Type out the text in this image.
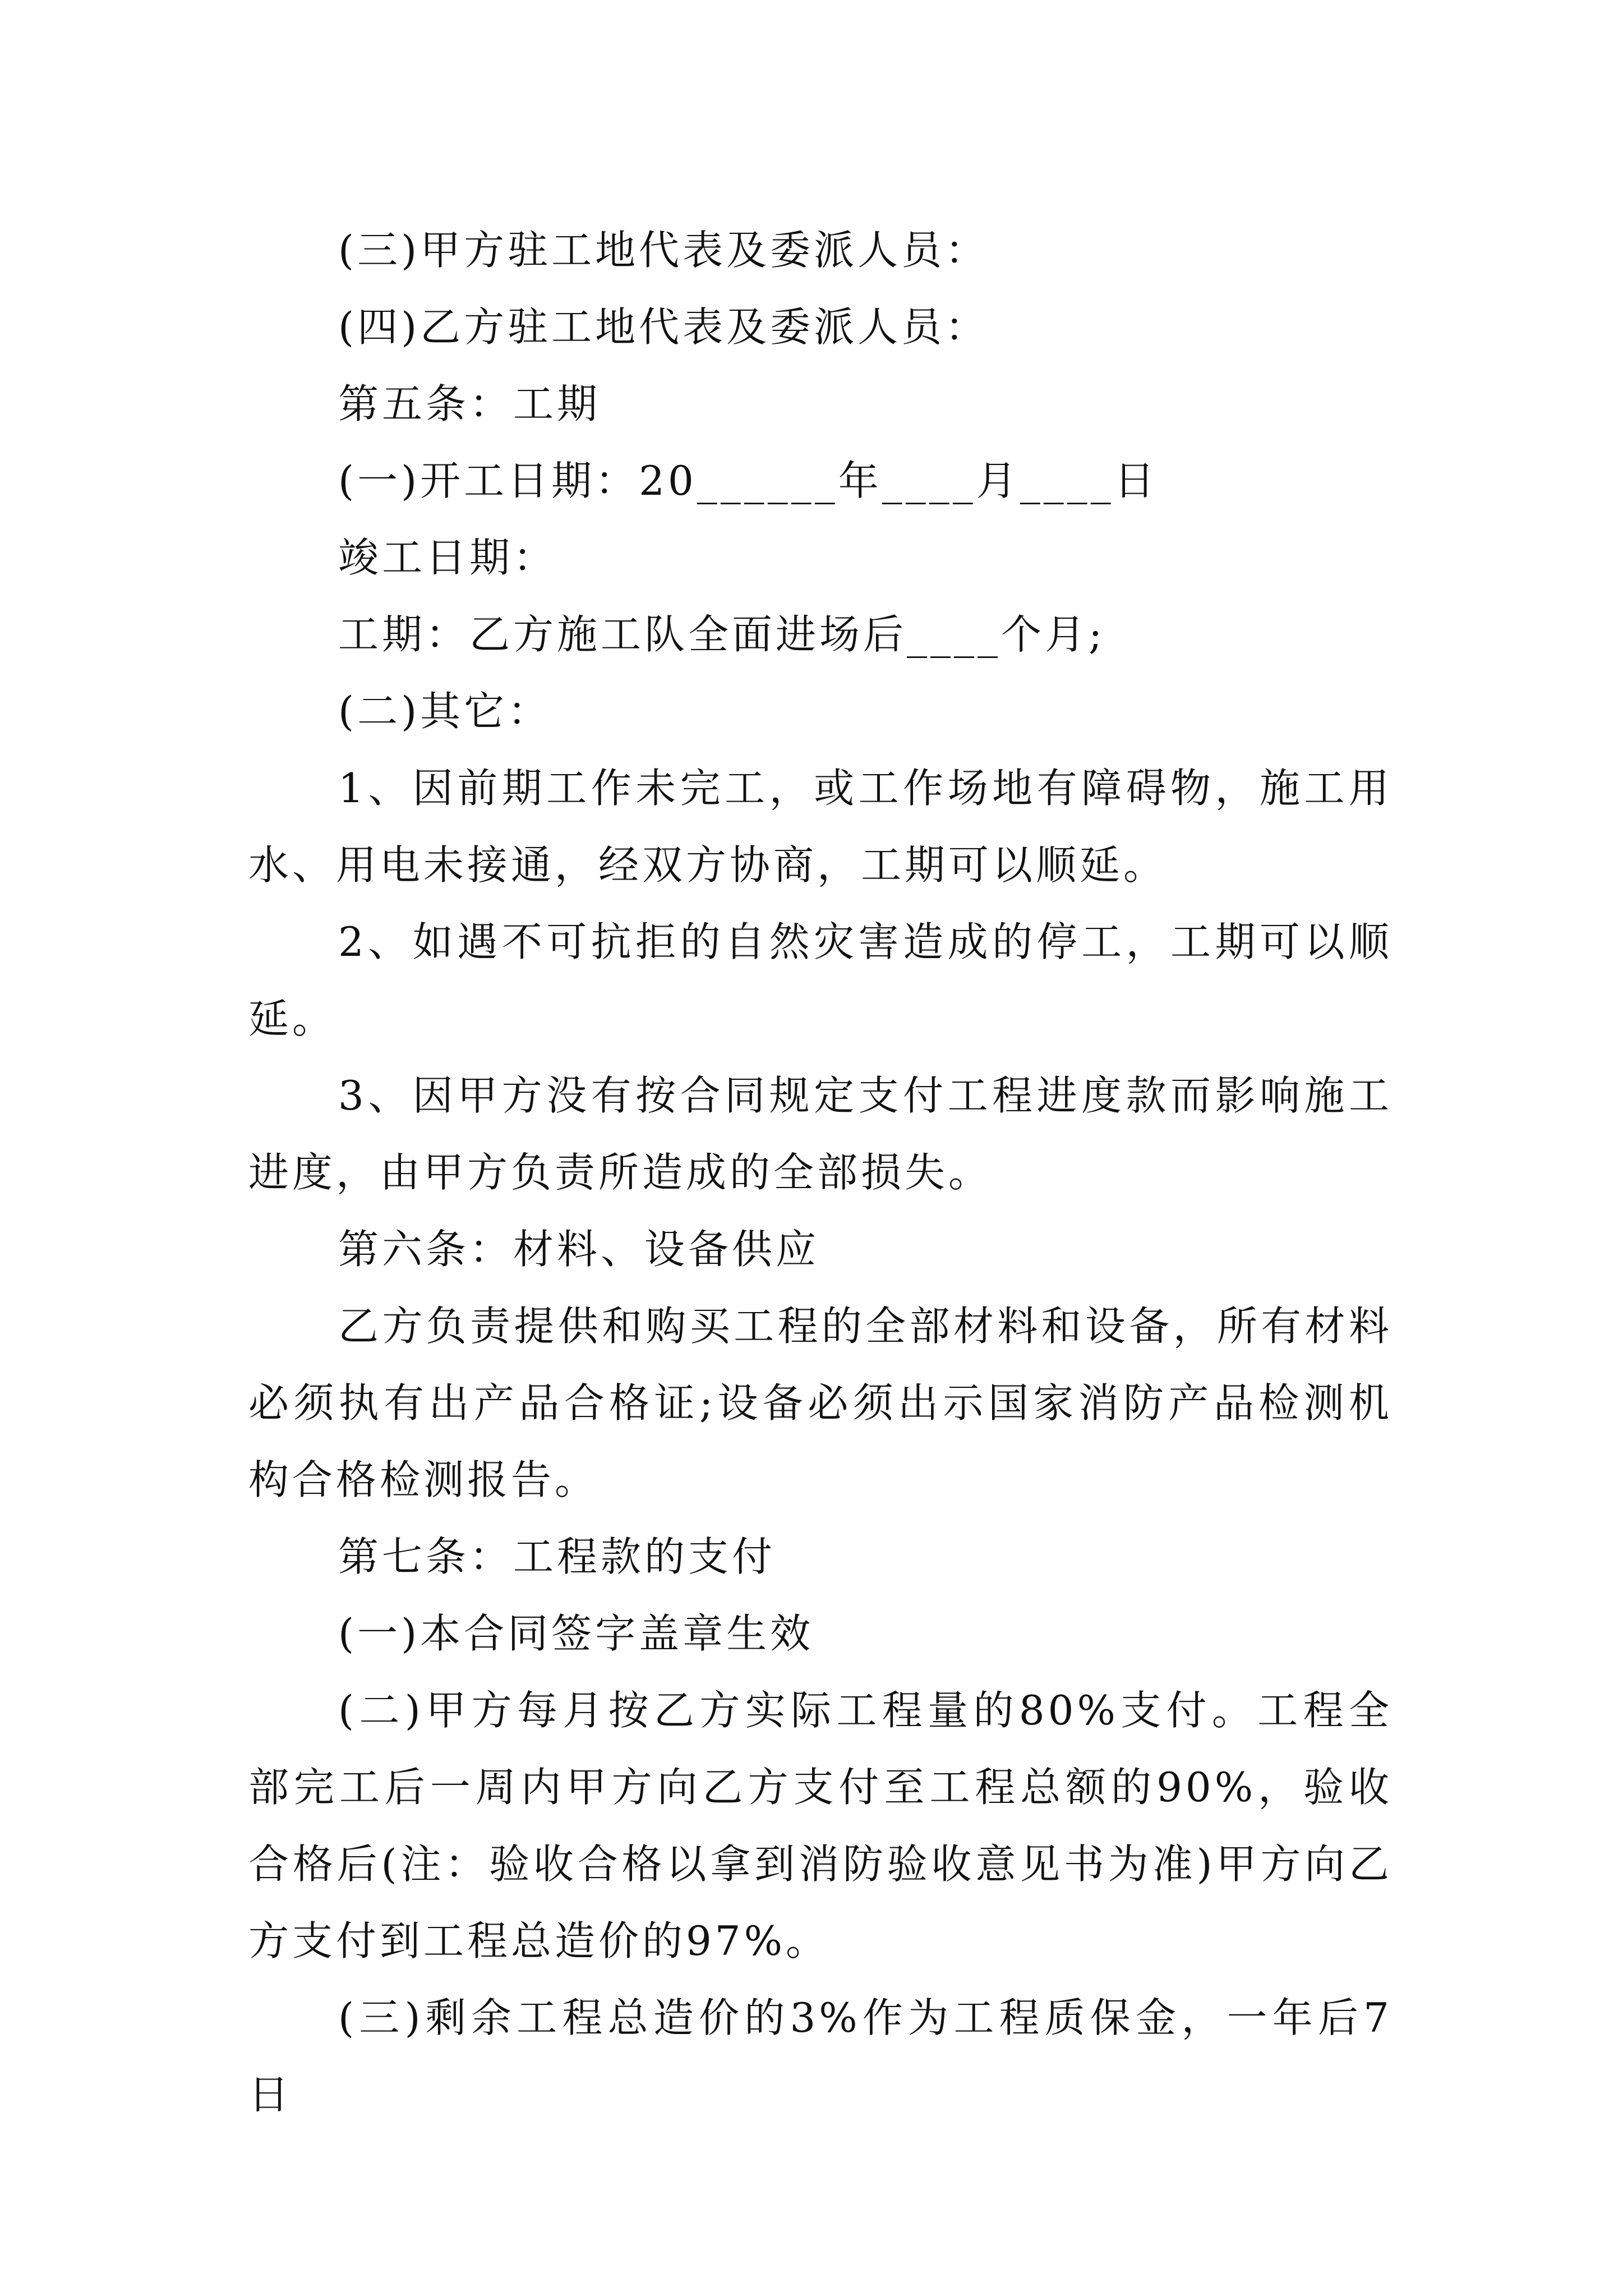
(三)甲方驻工地代表及委派人员：

(四)乙方驻工地代表及委派人员：

第五条：工期

(一)开工日期：20______年____月____日

竣工日期：

工期：乙方施工队全面进场后____个月;

(二)其它：

1、因前期工作未完工，或工作场地有障碍物，施工用水、用电未接通，经双方协商，工期可以顺延。

2、如遇不可抗拒的自然灾害造成的停工，工期可以顺延。

3、因甲方没有按合同规定支付工程进度款而影响施工进度，由甲方负责所造成的全部损失。

第六条：材料、设备供应

乙方负责提供和购买工程的全部材料和设备，所有材料必须执有出产品合格证;设备必须出示国家消防产品检测机构合格检测报告。

第七条：工程款的支付

(一)本合同签字盖章生效

(二)甲方每月按乙方实际工程量的80%支付。工程全部完工后一周内甲方向乙方支付至工程总额的90%，验收合格后(注：验收合格以拿到消防验收意见书为准)甲方向乙方支付到工程总造价的97%。

(三)剩余工程总造价的3%作为工程质保金，一年后7日
